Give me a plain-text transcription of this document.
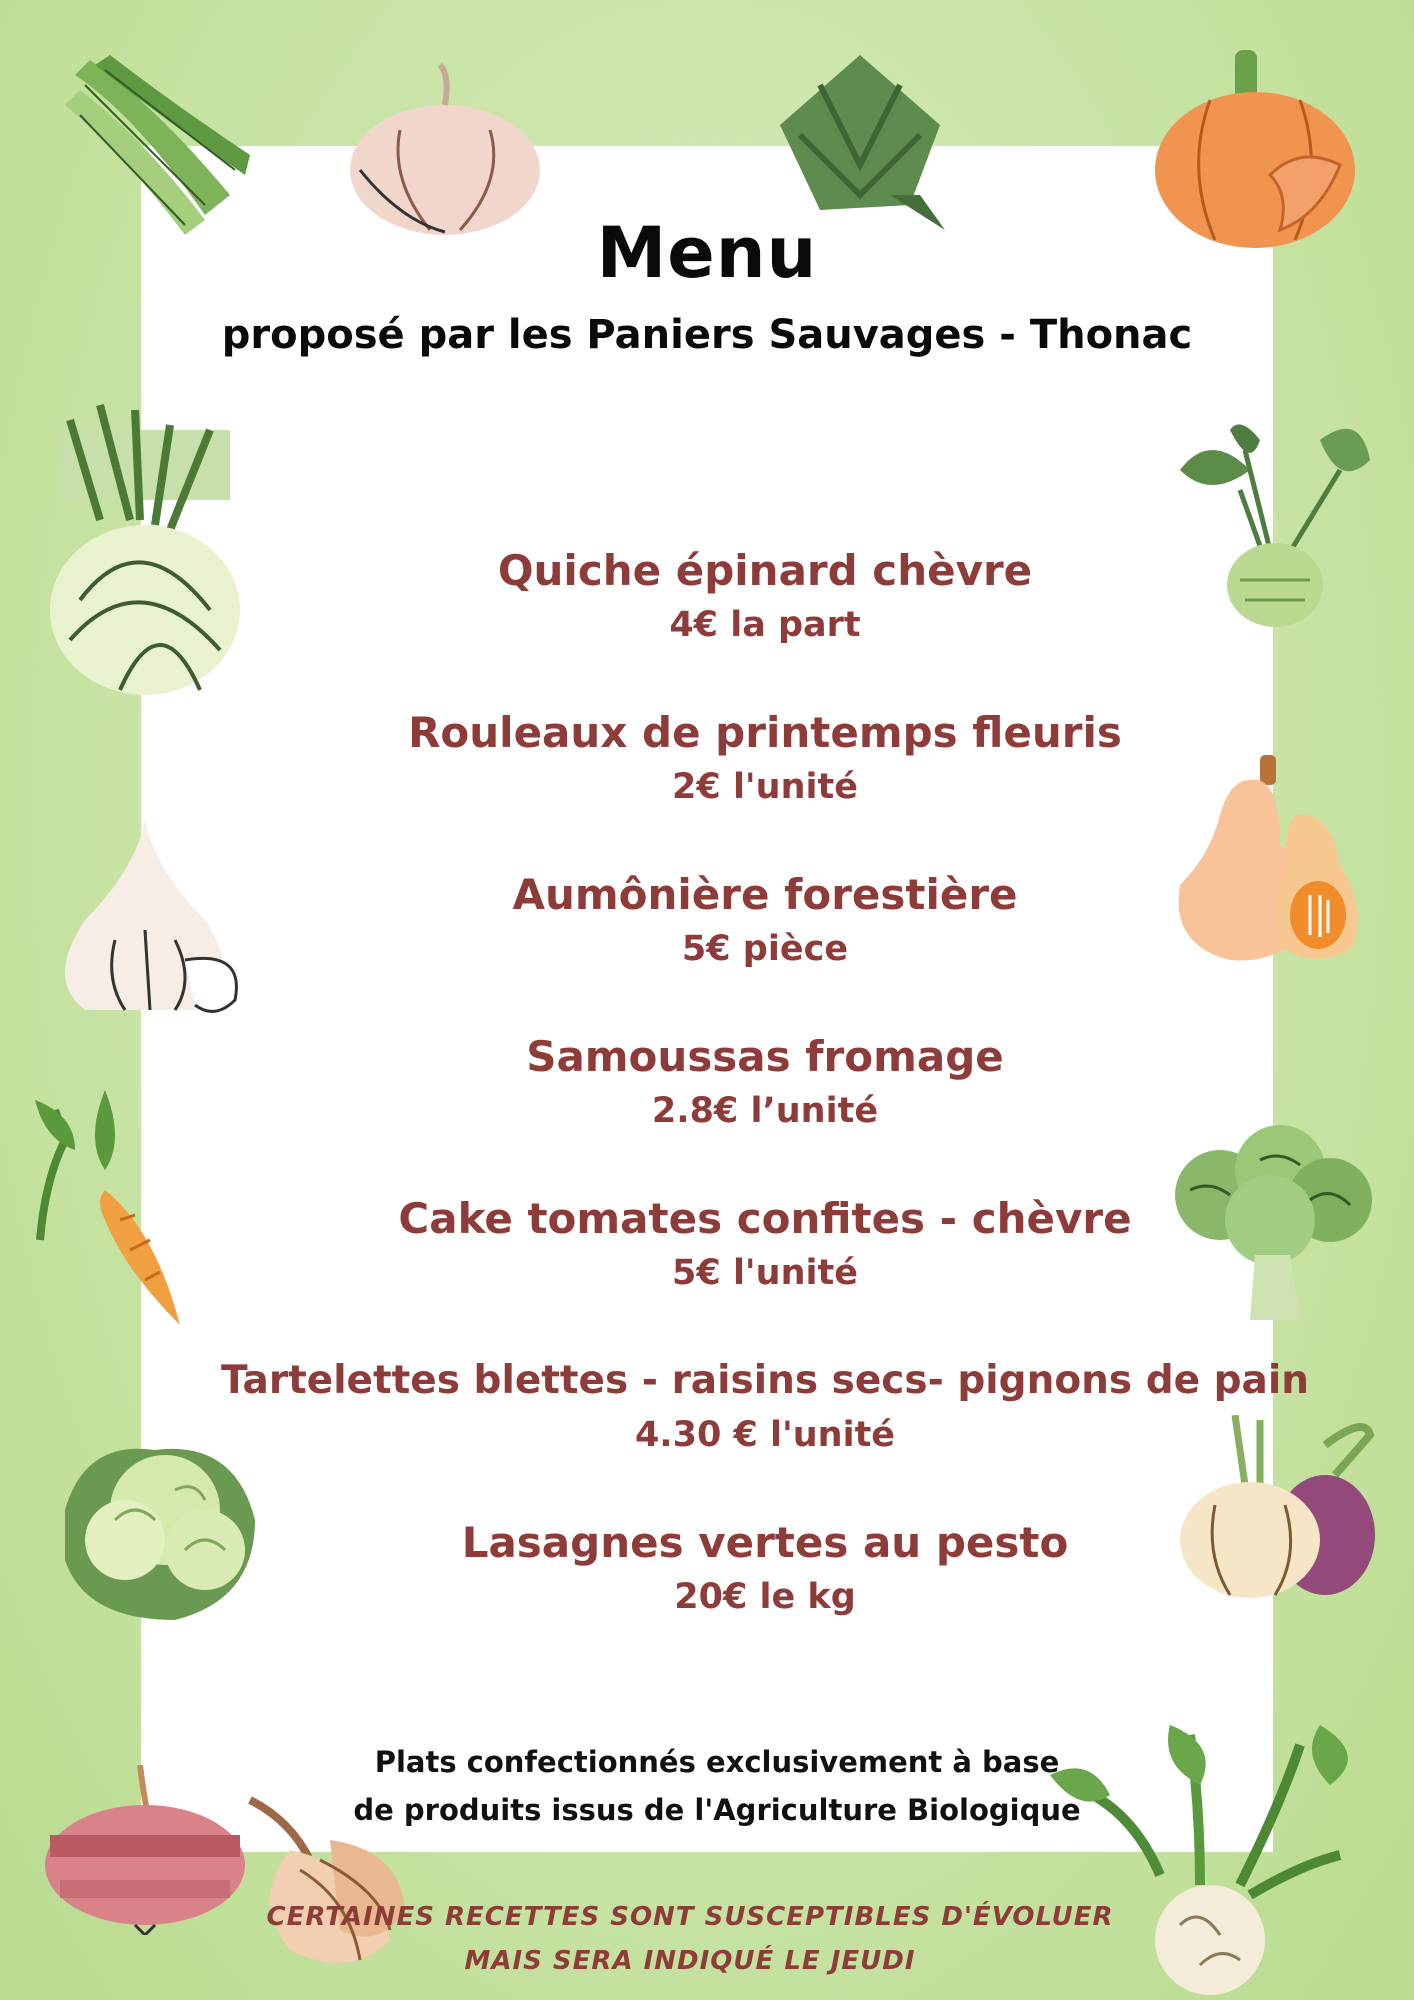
Menu
proposé par les Paniers Sauvages - Thonac
Quiche épinard chèvre
4€ la part
Rouleaux de printemps fleuris
2€ l'unité
Aumônière forestière
5€ pièce
Samoussas fromage
2.8€ l’unité
Cake tomates confites - chèvre
5€ l'unité
Tartelettes blettes - raisins secs- pignons de pain
4.30 € l'unité
Lasagnes vertes au pesto
20€ le kg
Plats confectionnés exclusivement à base
de produits issus de l'Agriculture Biologique
CERTAINES RECETTES SONT SUSCEPTIBLES D'ÉVOLUER
MAIS SERA INDIQUÉ LE JEUDI
